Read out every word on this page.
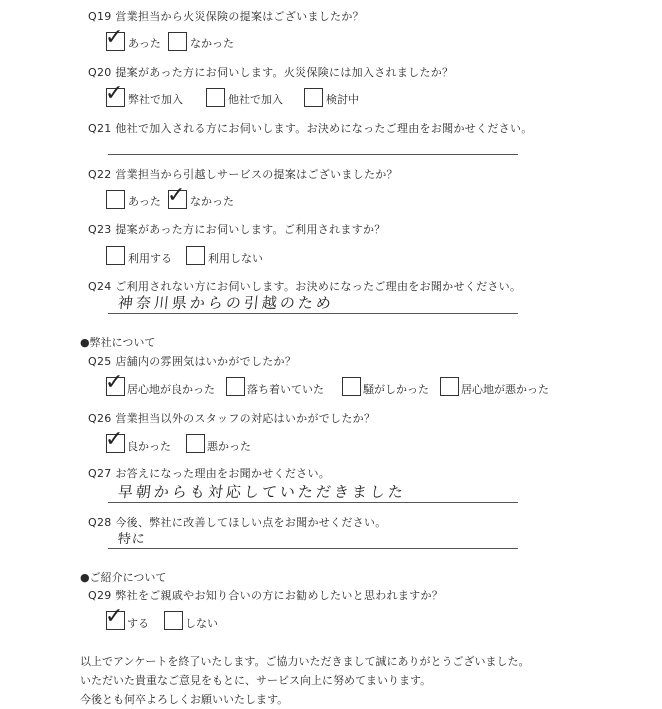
Q19 営業担当から火災保険の提案はございましたか？
✓ あった	なかった
Q20 提案があった方にお伺いします。火災保険には加入されましたか？
✓ 弊社で加入	他社で加入	検討中
Q21 他社で加入される方にお伺いします。お決めになったご理由をお聞かせください。
Q22 営業担当から引越しサービスの提案はございましたか？
あった ✓ なかった
Q23 提案があった方にお伺いします。ご利用されますか？
利用する	利用しない
Q24 ご利用されない方にお伺いします。お決めになったご理由をお聞かせください。
神奈川県からの引越のため
●弊社について
Q25 店舗内の雰囲気はいかがでしたか？
✓ 居心地が良かった	落ち着いていた	騒がしかった	居心地が悪かった
Q26 営業担当以外のスタッフの対応はいかがでしたか？
✓ 良かった	悪かった
Q27 お答えになった理由をお聞かせください。
早朝からも対応していただきました
Q28 今後、弊社に改善してほしい点をお聞かせください。
特に
●ご紹介について
Q29 弊社をご親戚やお知り合いの方にお勧めしたいと思われますか？
✓ する	しない
以上でアンケートを終了いたします。ご協力いただきまして誠にありがとうございました。
いただいた貴重なご意見をもとに、サービス向上に努めてまいります。
今後とも何卒よろしくお願いいたします。
